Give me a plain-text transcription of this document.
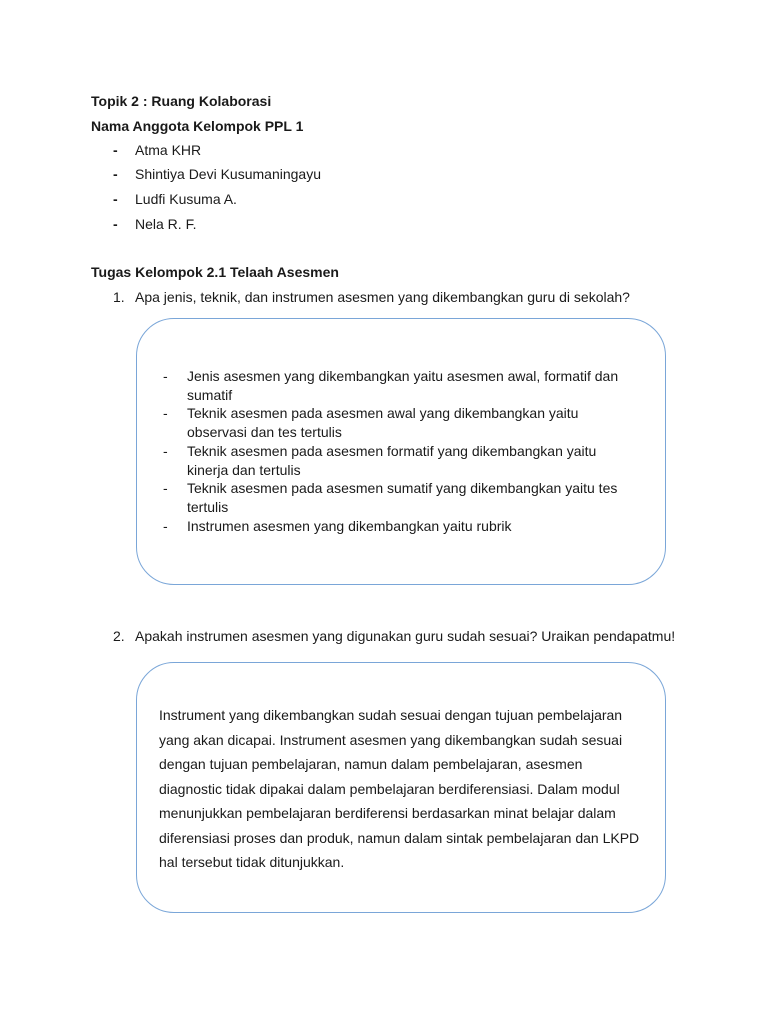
Topik 2 : Ruang Kolaborasi
Nama Anggota Kelompok PPL 1
- Atma KHR
- Shintiya Devi Kusumaningayu
- Ludfi Kusuma A.
- Nela R. F.
Tugas Kelompok 2.1 Telaah Asesmen
1. Apa jenis, teknik, dan instrumen asesmen yang dikembangkan guru di sekolah?
- Jenis asesmen yang dikembangkan yaitu asesmen awal, formatif dan sumatif
- Teknik asesmen pada asesmen awal yang dikembangkan yaitu observasi dan tes tertulis
- Teknik asesmen pada asesmen formatif yang dikembangkan yaitu kinerja dan tertulis
- Teknik asesmen pada asesmen sumatif yang dikembangkan yaitu tes tertulis
- Instrumen asesmen yang dikembangkan yaitu rubrik
2. Apakah instrumen asesmen yang digunakan guru sudah sesuai? Uraikan pendapatmu!
Instrument yang dikembangkan sudah sesuai dengan tujuan pembelajaran yang akan dicapai. Instrument asesmen yang dikembangkan sudah sesuai dengan tujuan pembelajaran, namun dalam pembelajaran, asesmen diagnostic tidak dipakai dalam pembelajaran berdiferensiasi. Dalam modul menunjukkan pembelajaran berdiferensi berdasarkan minat belajar dalam diferensiasi proses dan produk, namun dalam sintak pembelajaran dan LKPD hal tersebut tidak ditunjukkan.
